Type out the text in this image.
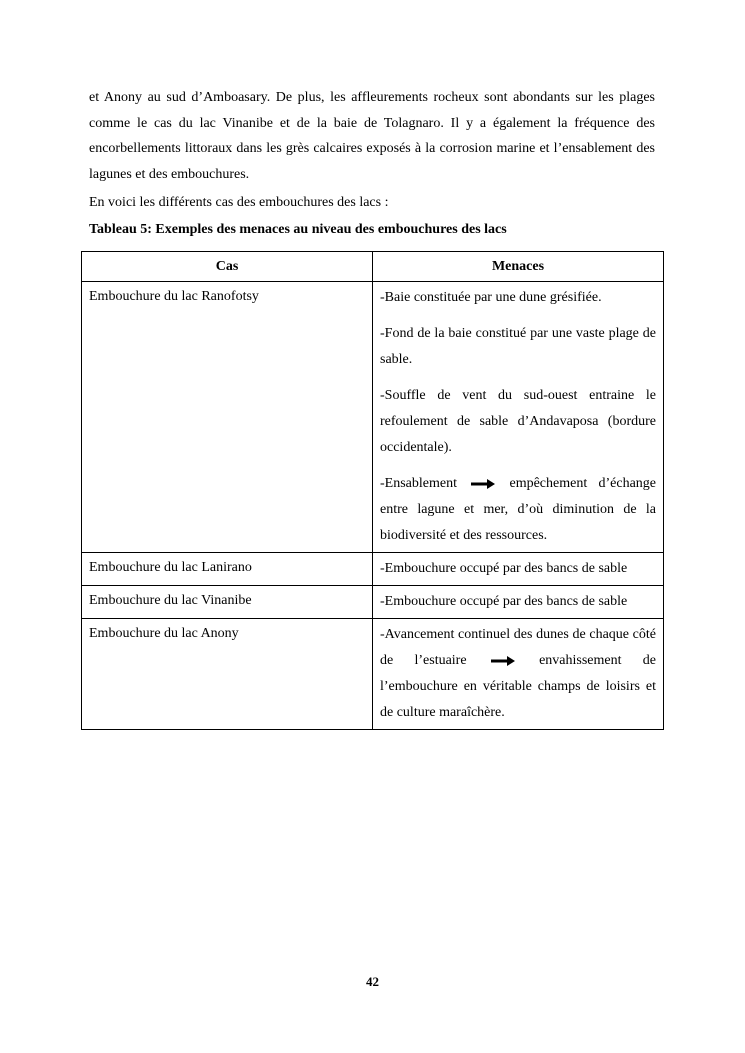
et Anony au sud d’Amboasary. De plus, les affleurements rocheux sont abondants sur les plages comme le cas du lac Vinanibe et de la baie de Tolagnaro. Il y a également la fréquence des encorbellements littoraux dans les grès calcaires exposés à la corrosion marine et l’ensablement des lagunes et des embouchures.

En voici les différents cas des embouchures des lacs :

Tableau 5: Exemples des menaces au niveau des embouchures des lacs

Cas	Menaces
Embouchure du lac Ranofotsy	-Baie constituée par une dune grésifiée.

-Fond de la baie constitué par une vaste plage de sable.

-Souffle de vent du sud-ouest entraine le refoulement de sable d’Andavaposa (bordure occidentale).

-Ensablement  empêchement d’échange entre lagune et mer, d’où diminution de la biodiversité et des ressources.

Embouchure du lac Lanirano	-Embouchure occupé par des bancs de sable

Embouchure du lac Vinanibe	-Embouchure occupé par des bancs de sable

Embouchure du lac Anony	-Avancement continuel des dunes de chaque côté de l’estuaire  envahissement de l’embouchure en véritable champs de loisirs et de culture maraîchère.

42
